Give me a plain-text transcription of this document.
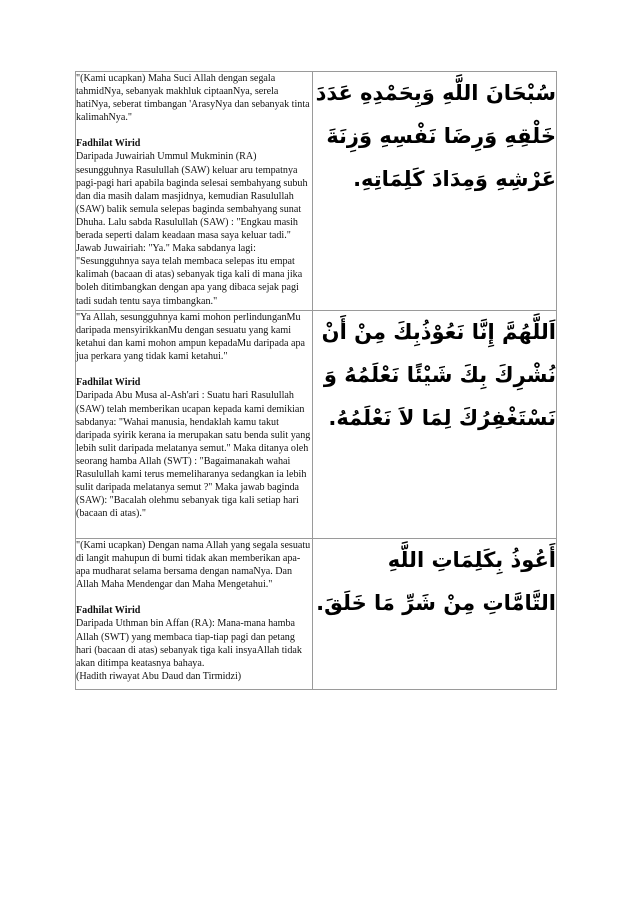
"(Kami ucapkan) Maha Suci Allah dengan segala tahmidNya, sebanyak makhluk ciptaanNya, serela hatiNya, seberat timbangan 'ArasyNya dan sebanyak tinta kalimahNya."
Fadhilat Wirid
Daripada Juwairiah Ummul Mukminin (RA) sesungguhnya Rasulullah (SAW) keluar aru tempatnya pagi-pagi hari apabila baginda selesai sembahyang subuh dan dia masih dalam masjidnya, kemudian Rasulullah (SAW) balik semula selepas baginda sembahyang sunat Dhuha. Lalu sabda Rasulullah (SAW) : "Engkau masih berada seperti dalam keadaan masa saya keluar tadi." Jawab Juwairiah: "Ya." Maka sabdanya lagi: "Sesungguhnya saya telah membaca selepas itu empat kalimah (bacaan di atas) sebanyak tiga kali di mana jika boleh ditimbangkan dengan apa yang dibaca sejak pagi tadi sudah tentu saya timbangkan."	سُبْحَانَ اللَّهِ وَبِحَمْدِهِ عَدَدَ خَلْقِهِ وَرِضَا نَفْسِهِ وَزِنَةَ عَرْشِهِ وَمِدَادَ كَلِمَاتِهِ.

"Ya Allah, sesungguhnya kami mohon perlindunganMu daripada mensyirikkanMu dengan sesuatu yang kami ketahui dan kami mohon ampun kepadaMu daripada apa jua perkara yang tidak kami ketahui."
Fadhilat Wirid
Daripada Abu Musa al-Ash'ari : Suatu hari Rasulullah (SAW) telah memberikan ucapan kepada kami demikian sabdanya: "Wahai manusia, hendaklah kamu takut daripada syirik kerana ia merupakan satu benda sulit yang lebih sulit daripada melatanya semut." Maka ditanya oleh seorang hamba Allah (SWT) : "Bagaimanakah wahai Rasulullah kami terus memeliharanya sedangkan ia lebih sulit daripada melatanya semut ?" Maka jawab baginda (SAW): "Bacalah olehmu sebanyak tiga kali setiap hari (bacaan di atas)."	اَللَّهُمَّ إِنَّا نَعُوْذُبِكَ مِنْ أَنْ نُشْرِكَ بِكَ شَيْئًا نَعْلَمُهُ وَ نَسْتَغْفِرُكَ لِمَا لاَ نَعْلَمُهُ.

"(Kami ucapkan) Dengan nama Allah yang segala sesuatu di langit mahupun di bumi tidak akan memberikan apa-apa mudharat selama bersama dengan namaNya. Dan Allah Maha Mendengar dan Maha Mengetahui."
Fadhilat Wirid
Daripada Uthman bin Affan (RA): Mana-mana hamba Allah (SWT) yang membaca tiap-tiap pagi dan petang hari (bacaan di atas) sebanyak tiga kali insyaAllah tidak akan ditimpa keatasnya bahaya.
(Hadith riwayat Abu Daud dan Tirmidzi)	أَعُوذُ بِكَلِمَاتِ اللَّهِ التَّامَّاتِ مِنْ شَرِّ مَا خَلَقَ.
